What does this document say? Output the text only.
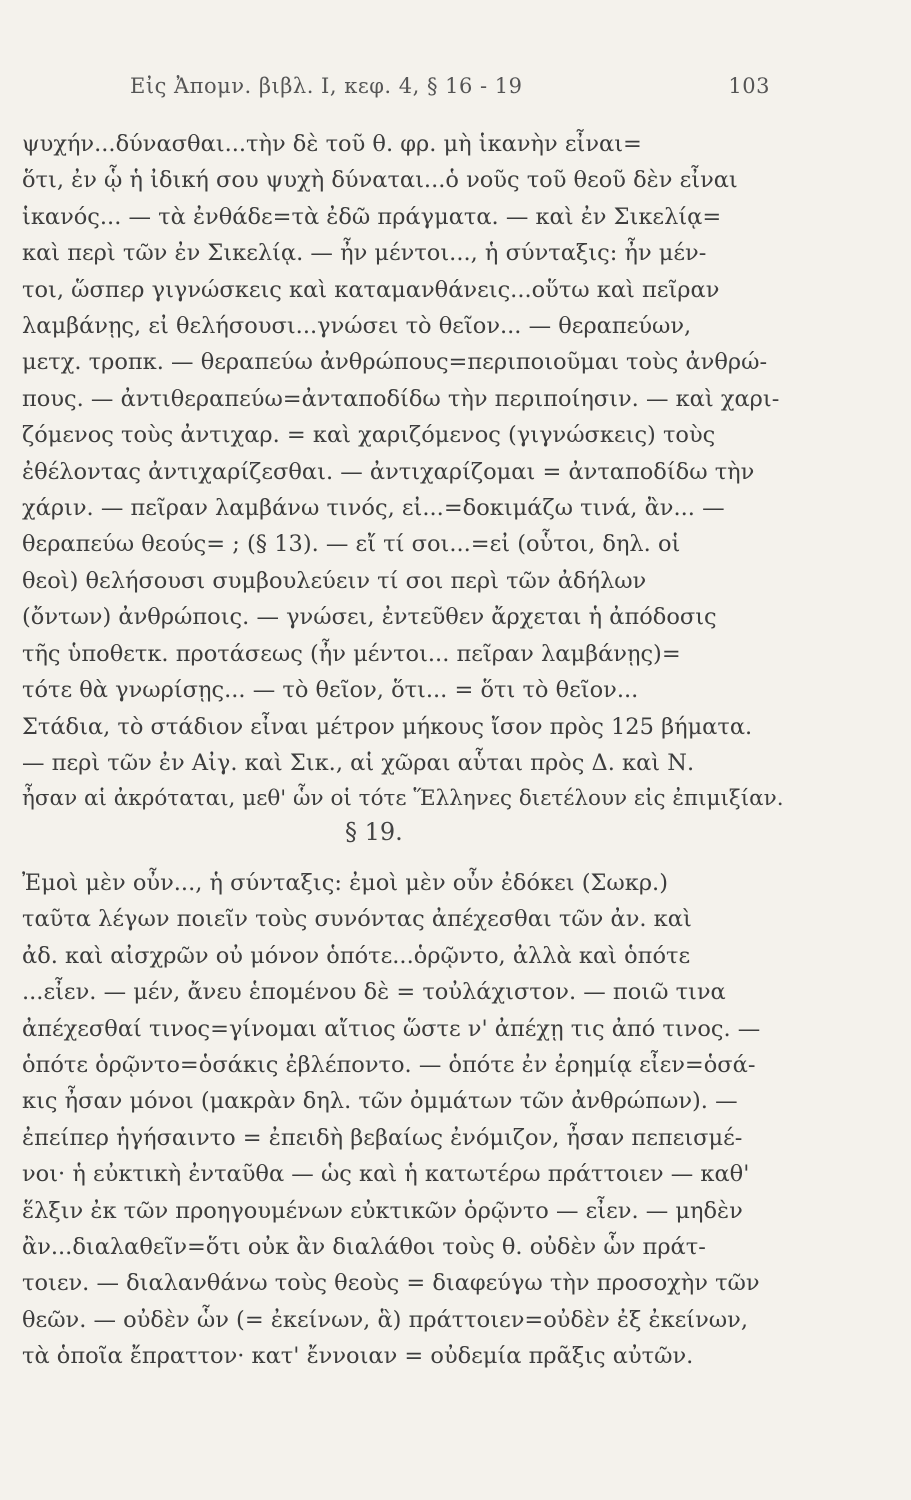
Εἰς Ἀπομν. βιβλ. I, κεφ. 4, § 16 - 19	103
ψυχήν...δύνασθαι...τὴν δὲ τοῦ θ. φρ. μὴ ἱκανὴν εἶναι=
ὅτι, ἐν ᾧ ἡ ἰδική σου ψυχὴ δύναται...ὁ νοῦς τοῦ θεοῦ δὲν εἶναι
ἱκανός... — τὰ ἐνθάδε=τὰ ἐδῶ πράγματα. — καὶ ἐν Σικελίᾳ=
καὶ περὶ τῶν ἐν Σικελίᾳ. — ἦν μέντοι..., ἡ σύνταξις: ἦν μέν-
τοι, ὥσπερ γιγνώσκεις καὶ καταμανθάνεις...οὕτω καὶ πεῖραν
λαμβάνῃς, εἰ θελήσουσι...γνώσει τὸ θεῖον... — θεραπεύων,
μετχ. τροπκ. — θεραπεύω ἀνθρώπους=περιποιοῦμαι τοὺς ἀνθρώ-
πους. — ἀντιθεραπεύω=ἀνταποδίδω τὴν περιποίησιν. — καὶ χαρι-
ζόμενος τοὺς ἀντιχαρ. = καὶ χαριζόμενος (γιγνώσκεις) τοὺς
ἐθέλοντας ἀντιχαρίζεσθαι. — ἀντιχαρίζομαι = ἀνταποδίδω τὴν
χάριν. — πεῖραν λαμβάνω τινός, εἰ...=δοκιμάζω τινά, ἂν... —
θεραπεύω θεούς= ; (§ 13). — εἴ τί σοι...=εἰ (οὗτοι, δηλ. οἱ
θεοὶ) θελήσουσι συμβουλεύειν τί σοι περὶ τῶν ἀδήλων
(ὄντων) ἀνθρώποις. — γνώσει, ἐντεῦθεν ἄρχεται ἡ ἀπόδοσις
τῆς ὑποθετκ. προτάσεως (ἦν μέντοι... πεῖραν λαμβάνῃς)=
τότε θὰ γνωρίσῃς... — τὸ θεῖον, ὅτι... = ὅτι τὸ θεῖον...
Στάδια, τὸ στάδιον εἶναι μέτρον μήκους ἴσον πρὸς 125 βήματα.
— περὶ τῶν ἐν Αἰγ. καὶ Σικ., αἱ χῶραι αὗται πρὸς Δ. καὶ Ν.
ἦσαν αἱ ἀκρόταται, μεθ' ὧν οἱ τότε Ἕλληνες διετέλουν εἰς ἐπιμιξίαν.
§ 19.
Ἐμοὶ μὲν οὖν..., ἡ σύνταξις: ἐμοὶ μὲν οὖν ἐδόκει (Σωκρ.)
ταῦτα λέγων ποιεῖν τοὺς συνόντας ἀπέχεσθαι τῶν ἀν. καὶ
ἀδ. καὶ αἰσχρῶν οὐ μόνον ὁπότε...ὁρῷντο, ἀλλὰ καὶ ὁπότε
...εἶεν. — μέν, ἄνευ ἑπομένου δὲ = τοὐλάχιστον. — ποιῶ τινα
ἀπέχεσθαί τινος=γίνομαι αἴτιος ὥστε ν' ἀπέχῃ τις ἀπό τινος. —
ὁπότε ὁρῷντο=ὁσάκις ἐβλέποντο. — ὁπότε ἐν ἐρημίᾳ εἶεν=ὁσά-
κις ἦσαν μόνοι (μακρὰν δηλ. τῶν ὀμμάτων τῶν ἀνθρώπων). —
ἐπείπερ ἡγήσαιντο = ἐπειδὴ βεβαίως ἐνόμιζον, ἦσαν πεπεισμέ-
νοι· ἡ εὐκτικὴ ἐνταῦθα — ὡς καὶ ἡ κατωτέρω πράττοιεν — καθ'
ἕλξιν ἐκ τῶν προηγουμένων εὐκτικῶν ὁρῷντο — εἶεν. — μηδὲν
ἂν...διαλαθεῖν=ὅτι οὐκ ἂν διαλάθοι τοὺς θ. οὐδὲν ὧν πράτ-
τοιεν. — διαλανθάνω τοὺς θεοὺς = διαφεύγω τὴν προσοχὴν τῶν
θεῶν. — οὐδὲν ὧν (= ἐκείνων, ἃ) πράττοιεν=οὐδὲν ἐξ ἐκείνων,
τὰ ὁποῖα ἔπραττον· κατ' ἔννοιαν = οὐδεμία πρᾶξις αὐτῶν.
